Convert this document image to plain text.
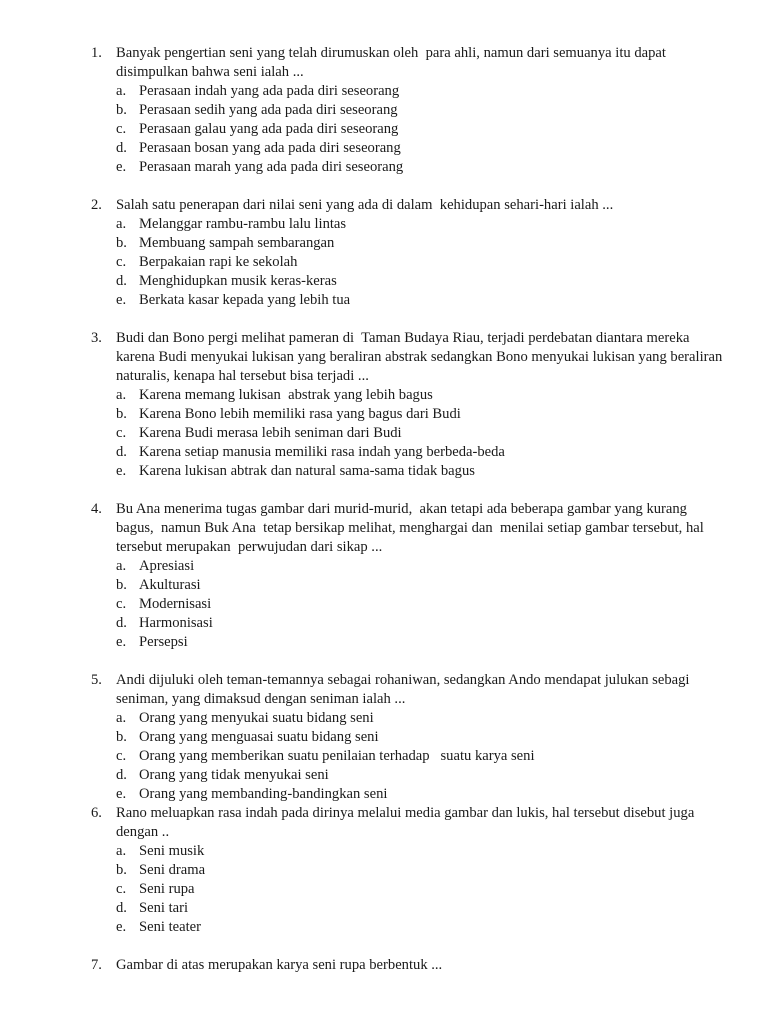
1. Banyak pengertian seni yang telah dirumuskan oleh  para ahli, namun dari semuanya itu dapat disimpulkan bahwa seni ialah ...
a. Perasaan indah yang ada pada diri seseorang
b. Perasaan sedih yang ada pada diri seseorang
c. Perasaan galau yang ada pada diri seseorang
d. Perasaan bosan yang ada pada diri seseorang
e. Perasaan marah yang ada pada diri seseorang
2. Salah satu penerapan dari nilai seni yang ada di dalam  kehidupan sehari-hari ialah ...
a. Melanggar rambu-rambu lalu lintas
b. Membuang sampah sembarangan
c. Berpakaian rapi ke sekolah
d. Menghidupkan musik keras-keras
e. Berkata kasar kepada yang lebih tua
3. Budi dan Bono pergi melihat pameran di  Taman Budaya Riau, terjadi perdebatan diantara mereka karena Budi menyukai lukisan yang beraliran abstrak sedangkan Bono menyukai lukisan yang beraliran naturalis, kenapa hal tersebut bisa terjadi ...
a. Karena memang lukisan  abstrak yang lebih bagus
b. Karena Bono lebih memiliki rasa yang bagus dari Budi
c. Karena Budi merasa lebih seniman dari Budi
d. Karena setiap manusia memiliki rasa indah yang berbeda-beda
e. Karena lukisan abtrak dan natural sama-sama tidak bagus
4. Bu Ana menerima tugas gambar dari murid-murid,  akan tetapi ada beberapa gambar yang kurang bagus,  namun Buk Ana  tetap bersikap melihat, menghargai dan  menilai setiap gambar tersebut, hal tersebut merupakan  perwujudan dari sikap ...
a. Apresiasi
b. Akulturasi
c. Modernisasi
d. Harmonisasi
e. Persepsi
5. Andi dijuluki oleh teman-temannya sebagai rohaniwan, sedangkan Ando mendapat julukan sebagi seniman, yang dimaksud dengan seniman ialah ...
a. Orang yang menyukai suatu bidang seni
b. Orang yang menguasai suatu bidang seni
c. Orang yang memberikan suatu penilaian terhadap   suatu karya seni
d. Orang yang tidak menyukai seni
e. Orang yang membanding-bandingkan seni
6. Rano meluapkan rasa indah pada dirinya melalui media gambar dan lukis, hal tersebut disebut juga dengan ..
a. Seni musik
b. Seni drama
c. Seni rupa
d. Seni tari
e. Seni teater
7. Gambar di atas merupakan karya seni rupa berbentuk ...
